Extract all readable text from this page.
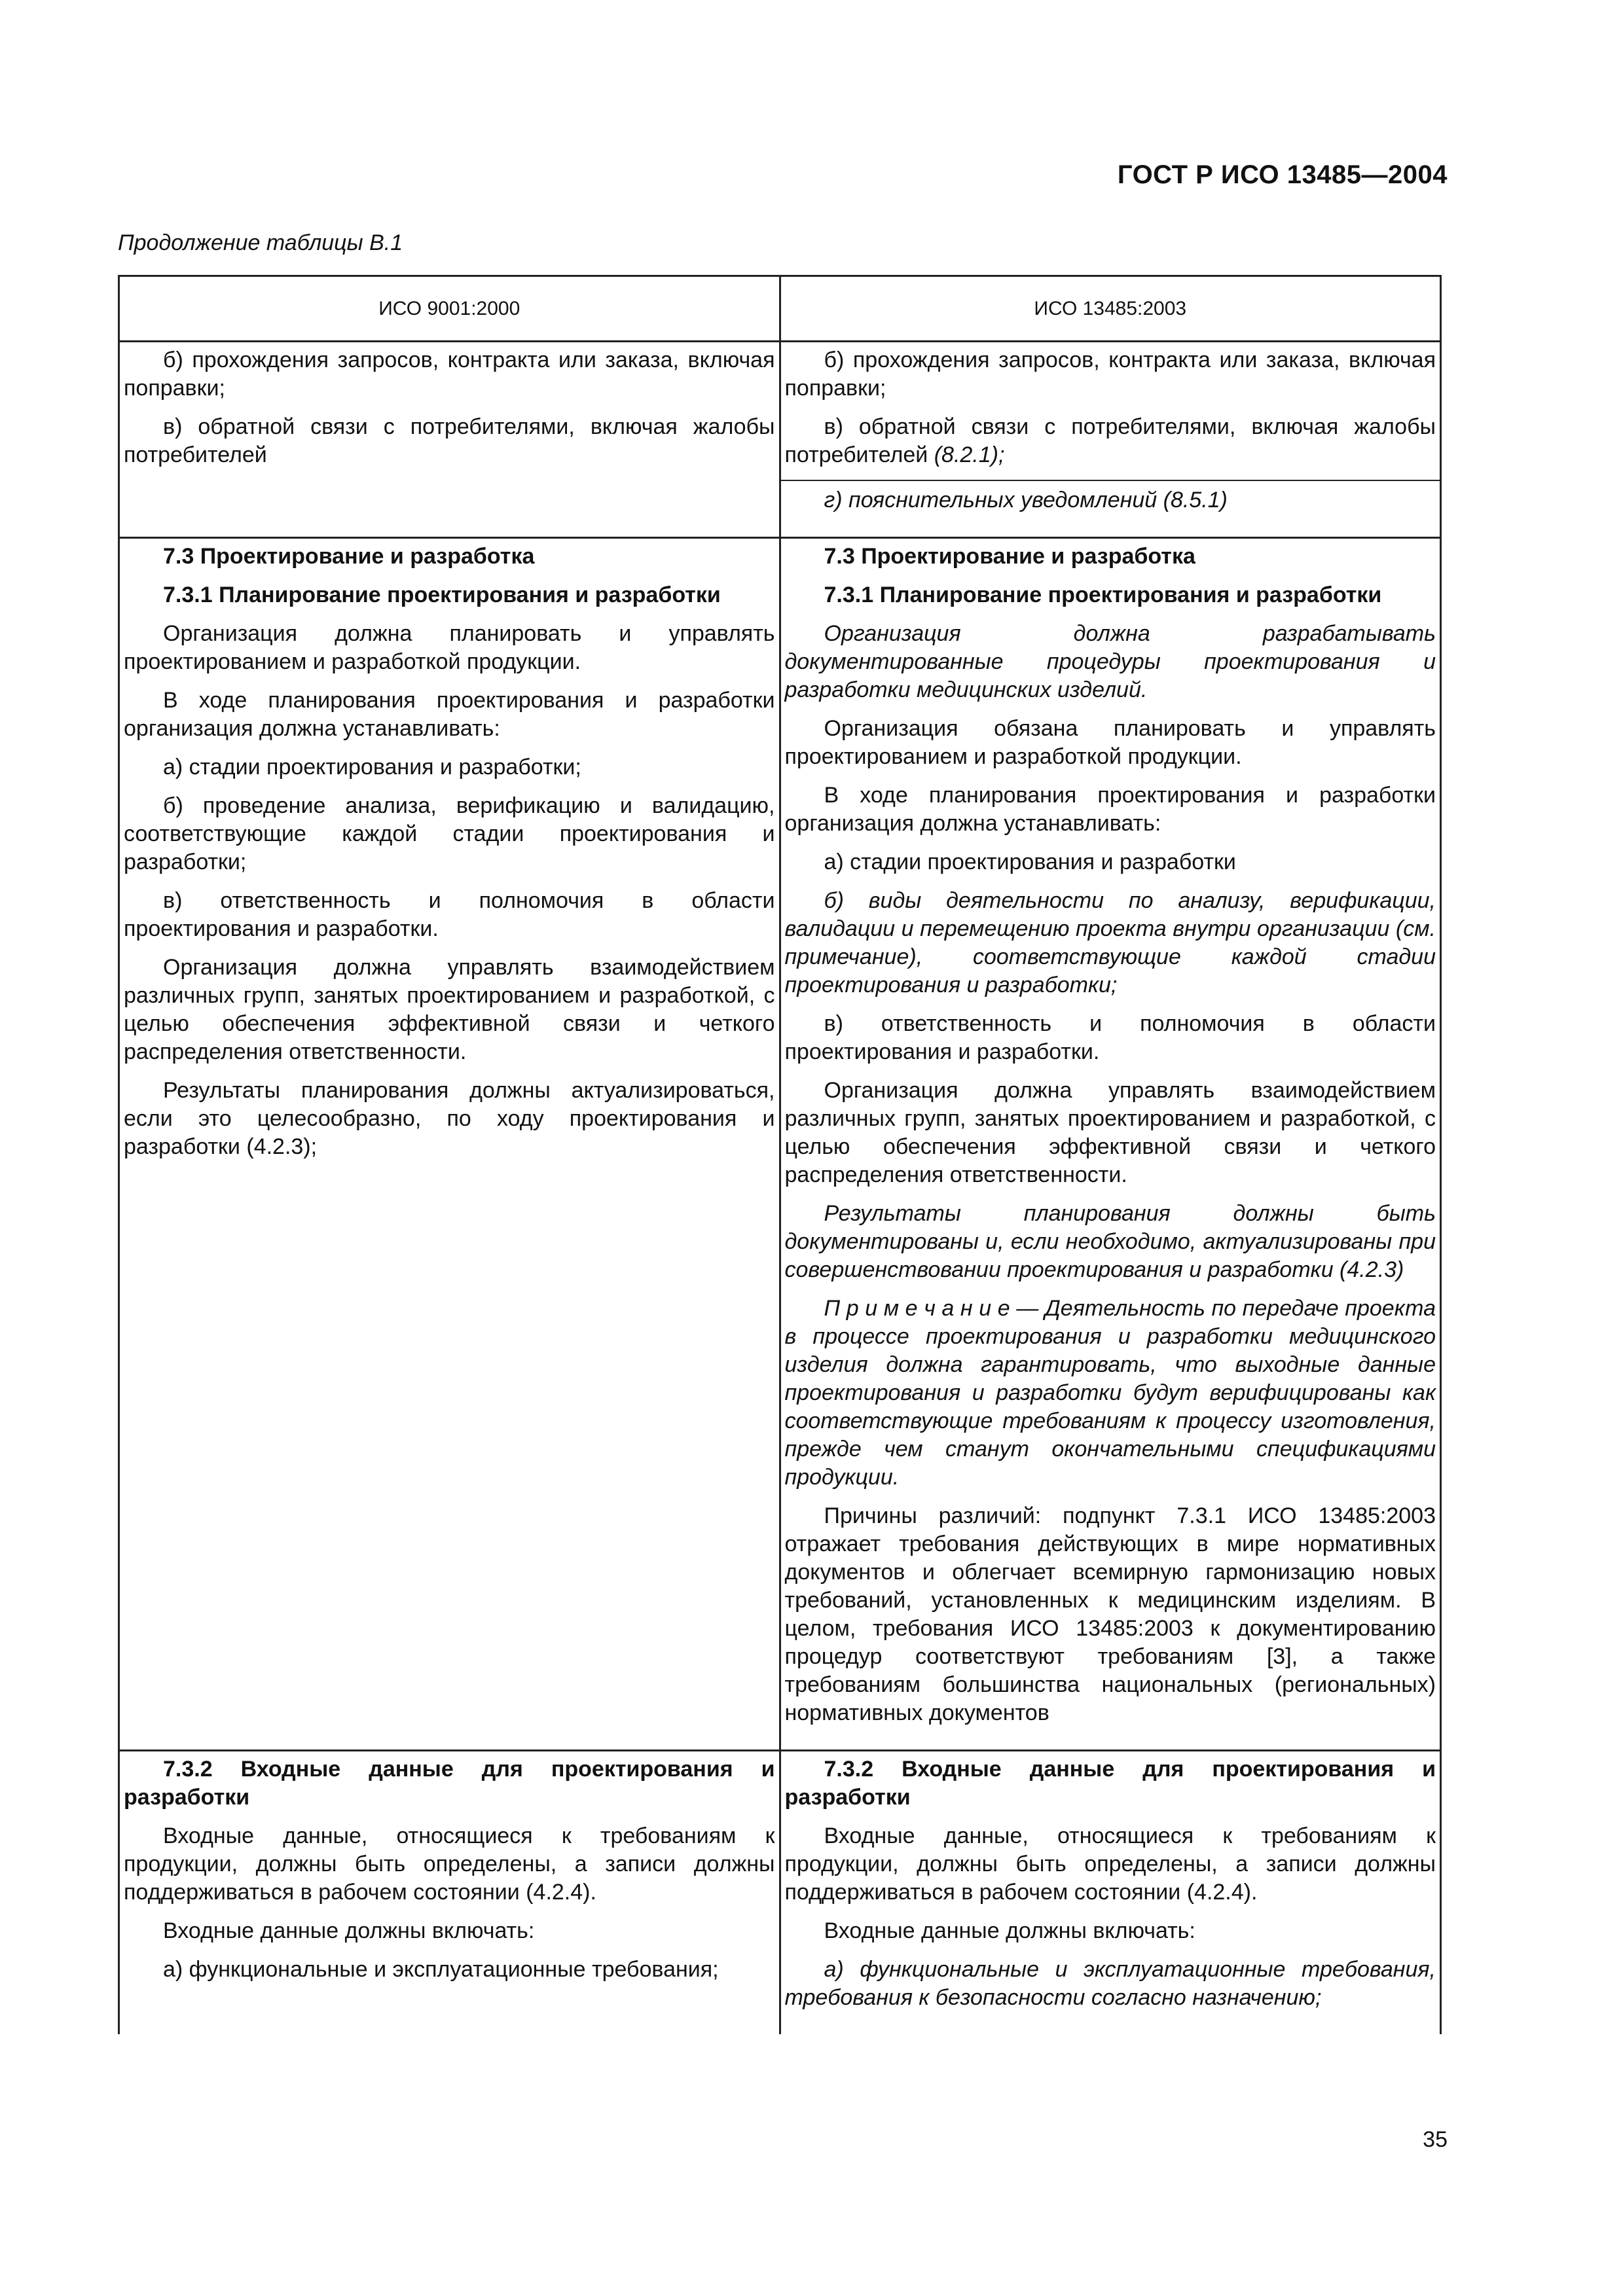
ГОСТ Р ИСО 13485—2004
Продолжение таблицы В.1
ИСО 9001:2000	ИСО 13485:2003

б) прохождения запросов, контракта или заказа, включая поправки;

в) обратной связи с потребителями, включая жалобы потребителей

б) прохождения запросов, контракта или заказа, включая поправки;

в) обратной связи с потребителями, включая жалобы потребителей (8.2.1);

г) пояснительных уведомлений (8.5.1)

7.3 Проектирование и разработка

7.3.1 Планирование проектирования и разработки

Организация должна планировать и управлять проектированием и разработкой продукции.

В ходе планирования проектирования и разработки организация должна устанавливать:

а) стадии проектирования и разработки;

б) проведение анализа, верификацию и валидацию, соответствующие каждой стадии проектирования и разработки;

в) ответственность и полномочия в области проектирования и разработки.

Организация должна управлять взаимодействием различных групп, занятых проектированием и разработкой, с целью обеспечения эффективной связи и четкого распределения ответственности.

Результаты планирования должны актуализироваться, если это целесообразно, по ходу проектирования и разработки (4.2.3);

7.3 Проектирование и разработка

7.3.1 Планирование проектирования и разработки

Организация должна разрабатывать документированные процедуры проектирования и разработки медицинских изделий.

Организация обязана планировать и управлять проектированием и разработкой продукции.

В ходе планирования проектирования и разработки организация должна устанавливать:

а) стадии проектирования и разработки

б) виды деятельности по анализу, верификации, валидации и перемещению проекта внутри организации (см. примечание), соответствующие каждой стадии проектирования и разработки;

в) ответственность и полномочия в области проектирования и разработки.

Организация должна управлять взаимодействием различных групп, занятых проектированием и разработкой, с целью обеспечения эффективной связи и четкого распределения ответственности.

Результаты планирования должны быть документированы и, если необходимо, актуализированы при совершенствовании проектирования и разработки (4.2.3)

П р и м е ч а н и е — Деятельность по передаче проекта в процессе проектирования и разработки медицинского изделия должна гарантировать, что выходные данные проектирования и разработки будут верифицированы как соответствующие требованиям к процессу изготовления, прежде чем станут окончательными спецификациями продукции.

Причины различий: подпункт 7.3.1 ИСО 13485:2003 отражает требования действующих в мире нормативных документов и облегчает всемирную гармонизацию новых требований, установленных к медицинским изделиям. В целом, требования ИСО 13485:2003 к документированию процедур соответствуют требованиям [3], а также требованиям большинства национальных (региональных) нормативных документов

7.3.2 Входные данные для проектирования и разработки

Входные данные, относящиеся к требованиям к продукции, должны быть определены, а записи должны поддерживаться в рабочем состоянии (4.2.4).

Входные данные должны включать:

а) функциональные и эксплуатационные требования;

7.3.2 Входные данные для проектирования и разработки

Входные данные, относящиеся к требованиям к продукции, должны быть определены, а записи должны поддерживаться в рабочем состоянии (4.2.4).

Входные данные должны включать:

а) функциональные и эксплуатационные требования, требования к безопасности согласно назначению;

35
